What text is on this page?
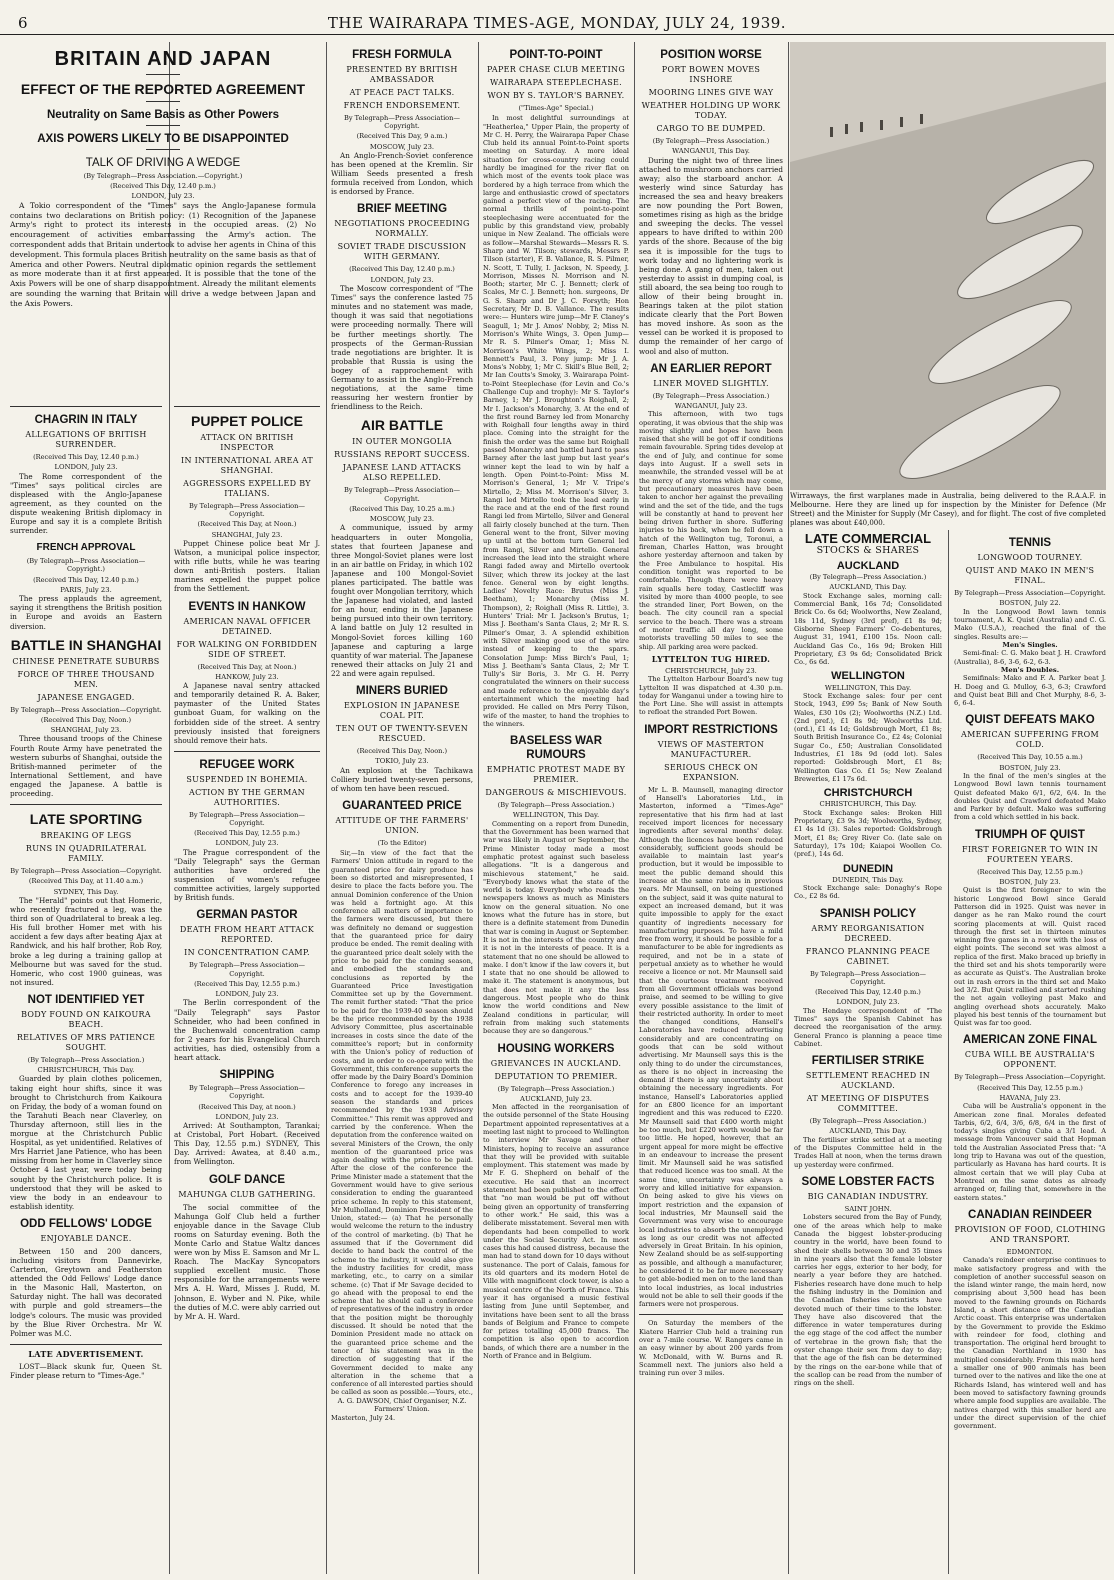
6	THE WAIRARAPA TIMES-AGE, MONDAY, JULY 24, 1939.
BRITAIN AND JAPAN
EFFECT OF THE REPORTED AGREEMENT
Neutrality on Same Basis as Other Powers
AXIS POWERS LIKELY TO BE DISAPPOINTED
TALK OF DRIVING A WEDGE
(By Telegraph—Press Association.—Copyright.)
(Received This Day, 12.40 p.m.)
LONDON, July 23.

A Tokio correspondent of the "Times" says the Anglo-Japanese formula contains two declarations on British policy: (1) Recognition of the Japanese Army's right to protect its interests in the occupied areas. (2) No encouragement of activities embarrassing the Army's action. The correspondent adds that Britain undertook to advise her agents in China of this development. This formula places British neutrality on the same basis as that of America and other Powers. Neutral diplomatic opinion regards the settlement as more moderate than it at first appeared. It is possible that the tone of the Axis Powers will be one of sharp disappointment. Already the militant elements are sounding the warning that Britain will drive a wedge between Japan and the Axis Powers.

CHAGRIN IN ITALY
ALLEGATIONS OF BRITISH SURRENDER.
(Received This Day, 12.40 p.m.)
LONDON, July 23.

The Rome correspondent of the "Times" says political circles are displeased with the Anglo-Japanese agreement, as they counted on the dispute weakening British diplomacy in Europe and say it is a complete British surrender.

FRENCH APPROVAL
(By Telegraph—Press Association—Copyright.)
(Received This Day, 12.40 p.m.)
PARIS, July 23.

The press applauds the agreement, saying it strengthens the British position in Europe and avoids an Eastern diversion.

BATTLE IN SHANGHAI
CHINESE PENETRATE SUBURBS
FORCE OF THREE THOUSAND MEN.
JAPANESE ENGAGED.
By Telegraph—Press Association—Copyright.
(Received This Day, Noon.)
SHANGHAI, July 23.

Three thousand troops of the Chinese Fourth Route Army have penetrated the western suburbs of Shanghai, outside the British-manned perimeter of the International Settlement, and have engaged the Japanese. A battle is proceeding.

LATE SPORTING
BREAKING OF LEGS
RUNS IN QUADRILATERAL FAMILY.
By Telegraph—Press Association—Copyright.
(Received This Day, at 11.40 a.m.)
SYDNEY, This Day.

The "Herald" points out that Homeric, who recently fractured a leg, was the third son of Quadrilateral to break a leg. His full brother Homer met with his accident a few days after beating Ajax at Randwick, and his half brother, Rob Roy, broke a leg during a training gallop at Melbourne but was saved for the stud. Homeric, who cost 1900 guineas, was not insured.

NOT IDENTIFIED YET
BODY FOUND ON KAIKOURA BEACH.
RELATIVES OF MRS PATIENCE SOUGHT.
(By Telegraph—Press Association.)
CHRISTCHURCH, This Day.

Guarded by plain clothes policemen, taking eight hour shifts, since it was brought to Christchurch from Kaikoura on Friday, the body of a woman found on the Tarahuti Beach near Claverley, on Thursday afternoon, still lies in the morgue at the Christchurch Public Hospital, as yet unidentified. Relatives of Mrs Harriet Jane Patience, who has been missing from her home in Claverley since October 4 last year, were today being sought by the Christchurch police. It is understood that they will be asked to view the body in an endeavour to establish identity.

ODD FELLOWS' LODGE
ENJOYABLE DANCE.

Between 150 and 200 dancers, including visitors from Dannevirke, Carterton, Greytown and Featherston attended the Odd Fellows' Lodge dance in the Masonic Hall, Masterton, on Saturday night. The hall was decorated with purple and gold streamers—the lodge's colours. The music was provided by the Blue River Orchestra. Mr W. Polmer was M.C.

LATE ADVERTISEMENT.

LOST—Black skunk fur, Queen St. Finder please return to "Times-Age."

PUPPET POLICE
ATTACK ON BRITISH INSPECTOR
IN INTERNATIONAL AREA AT SHANGHAI.
AGGRESSORS EXPELLED BY ITALIANS.
By Telegraph—Press Association—Copyright.
(Received This Day, at Noon.)
SHANGHAI, July 23.

Puppet Chinese police beat Mr J. Watson, a municipal police inspector, with rifle butts, while he was tearing down anti-British posters. Italian marines expelled the puppet police from the Settlement.

EVENTS IN HANKOW
AMERICAN NAVAL OFFICER DETAINED.
FOR WALKING ON FORBIDDEN SIDE OF STREET.
(Received This Day, at Noon.)
HANKOW, July 23.

A Japanese naval sentry attacked and temporarily detained R. A. Baker, paymaster of the United States gunboat Guam, for walking on the forbidden side of the street. A sentry previously insisted that foreigners should remove their hats.

REFUGEE WORK
SUSPENDED IN BOHEMIA.
ACTION BY THE GERMAN AUTHORITIES.
By Telegraph—Press Association—Copyright.
(Received This Day, 12.55 p.m.)
LONDON, July 23.

The Prague correspondent of the "Daily Telegraph" says the German authorities have ordered the suspension of women's refugee committee activities, largely supported by British funds.

GERMAN PASTOR
DEATH FROM HEART ATTACK REPORTED.
IN CONCENTRATION CAMP.
By Telegraph—Press Association—Copyright.
(Received This Day, 12.55 p.m.)
LONDON, July 23.

The Berlin correspondent of the "Daily Telegraph" says Pastor Schneider, who had been confined in the Buchenwald concentration camp for 2 years for his Evangelical Church activities, has died, ostensibly from a heart attack.

SHIPPING
By Telegraph—Press Association—Copyright.
(Received This Day, at noon.)
LONDON, July 23.

Arrived: At Southampton, Tarankai; at Cristobal, Port Hobart. (Received This Day, 12.55 p.m.) SYDNEY, This Day. Arrived: Awatea, at 8.40 a.m., from Wellington.

GOLF DANCE
MAHUNGA CLUB GATHERING.

The social committee of the Mahunga Golf Club held a further enjoyable dance in the Savage Club rooms on Saturday evening. Both the Monte Carlo and Statue Waltz dances were won by Miss E. Samson and Mr L. Roach. The MacKay Syncopators supplied excellent music. Those responsible for the arrangements were Mrs A. H. Ward, Misses J. Rudd, M. Johnson, E. Wyber and N. Pike, while the duties of M.C. were ably carried out by Mr A. H. Ward.

FRESH FORMULA
PRESENTED BY BRITISH AMBASSADOR
AT PEACE PACT TALKS.
FRENCH ENDORSEMENT.
By Telegraph—Press Association—Copyright.
(Received This Day, 9 a.m.)
MOSCOW, July 23.

An Anglo-French-Soviet conference has been opened at the Kremlin. Sir William Seeds presented a fresh formula received from London, which is endorsed by France.

BRIEF MEETING
NEGOTIATIONS PROCEEDING NORMALLY.
SOVIET TRADE DISCUSSION WITH GERMANY.
(Received This Day, 12.40 p.m.)
LONDON, July 23.

The Moscow correspondent of "The Times" says the conference lasted 75 minutes and no statement was made, though it was said that negotiations were proceeding normally. There will be further meetings shortly. The prospects of the German-Russian trade negotiations are brighter. It is probable that Russia is using the bogey of a rapprochement with Germany to assist in the Anglo-French negotiations, at the same time reassuring her western frontier by friendliness to the Reich.

AIR BATTLE
IN OUTER MONGOLIA
RUSSIANS REPORT SUCCESS.
JAPANESE LAND ATTACKS ALSO REPELLED.
By Telegraph—Press Association—Copyright.
(Received This Day, 10.25 a.m.)
MOSCOW, July 23.

A communique, issued by army headquarters in outer Mongolia, states that fourteen Japanese and three Mongol-Soviet planes were lost in an air battle on Friday, in which 102 Japanese and 100 Mongol-Soviet planes participated. The battle was fought over Mongolian territory, which the Japanese had violated, and lasted for an hour, ending in the Japanese being pursued into their own territory. A land battle on July 12 resulted in Mongol-Soviet forces killing 160 Japanese and capturing a large quantity of war material. The Japanese renewed their attacks on July 21 and 22 and were again repulsed.

MINERS BURIED
EXPLOSION IN JAPANESE COAL PIT.
TEN OUT OF TWENTY-SEVEN RESCUED.
(Received This Day, Noon.)
TOKIO, July 23.

An explosion at the Tachikawa Colliery buried twenty-seven persons, of whom ten have been rescued.

GUARANTEED PRICE
ATTITUDE OF THE FARMERS' UNION.
(To the Editor)

Sir,—In view of the fact that the Farmers' Union attitude in regard to the guaranteed price for dairy produce has been so distorted and misrepresented, I desire to place the facts before you. The annual Dominion conference of the Union was held a fortnight ago. At this conference all matters of importance to the farmers were discussed, but there was definitely no demand or suggestion that the guaranteed price for dairy produce be ended. The remit dealing with the guaranteed price dealt solely with the price to be paid for the coming season, and embodied the standards and conclusions as reported by the Guaranteed Price Investigation Committee set up by the Government. The remit further stated: "That the price to be paid for the 1939-40 season should be the price recommended by the 1938 Advisory Committee, plus ascertainable increases in costs since the date of the committee's report; but in conformity with the Union's policy of reduction of costs, and in order to co-operate with the Government, this conference supports the offer made by the Dairy Board's Dominion Conference to forego any increases in costs and to accept for the 1939-40 season the standards and prices recommended by the 1938 Advisory Committee." This remit was approved and carried by the conference. When the deputation from the conference waited on several Ministers of the Crown, the only mention of the guaranteed price was again dealing with the price to be paid. After the close of the conference the Prime Minister made a statement that the Government would have to give serious consideration to ending the guaranteed price scheme. In reply to this statement, Mr Mulholland, Dominion President of the Union, stated:— (a) That he personally would welcome the return to the industry of the control of marketing. (b) That he assumed that if the Government did decide to hand back the control of the scheme to the industry, it would also give the industry facilities for credit, mass marketing, etc., to carry on a similar scheme. (c) That if Mr Savage decided to go ahead with the proposal to end the scheme that he should call a conference of representatives of the industry in order that the position might be thoroughly discussed. It should be noted that the Dominion President made no attack on the guaranteed price scheme and the tenor of his statement was in the direction of suggesting that if the Government decided to make any alteration in the scheme that a conference of all interested parties should be called as soon as possible.—Yours, etc.,

A. G. DAWSON, Chief Organiser, N.Z. Farmers' Union.
Masterton, July 24.
POINT-TO-POINT
PAPER CHASE CLUB MEETING
WAIRARAPA STEEPLECHASE.
WON BY S. TAYLOR'S BARNEY.
("Times-Age" Special.)

In most delightful surroundings at "Heatherlea," Upper Plain, the property of Mr C. H. Perry, the Wairarapa Paper Chase Club held its annual Point-to-Point sports meeting on Saturday. A more ideal situation for cross-country racing could hardly be imagined for the river flat on which most of the events took place was bordered by a high terrace from which the large and enthusiastic crowd of spectators gained a perfect view of the racing. The normal thrills of point-to-point steeplechasing were accentuated for the public by this grandstand view, probably unique in New Zealand. The officials were as follow—Marshal Stewards—Messrs R. S. Sharp and W. Tilson; stewards, Messrs P. Tilson (starter), F. B. Vallance, R. S. Pilmer, N. Scott, T. Tully, I. Jackson, N. Speedy, J. Morrison, Misses N. Morrison and N. Booth; starter, Mr C. J. Bennett; clerk of Scales, Mr C. J. Bennett; hon. surgeons, Dr G. S. Sharp and Dr J. C. Forsyth; Hon Secretary, Mr D. B. Vallance. The results were:— Hunters wire jump—Mr F. Claney's Seagull, 1; Mr J. Amos' Nobby, 2; Miss N. Morrison's White Wings, 3. Open Jump—Mr R. S. Pilmer's Omar, 1; Miss N. Morrison's White Wings, 2; Miss I. Bennett's Paul, 3. Pony jump: Mr J. A. Mons's Nobby, 1; Mr C. Skill's Blue Bell, 2; Mr Ian Coutts's Smoky, 3. Wairarapa Point-to-Point Steeplechase (for Levin and Co.'s Challenge Cup and trophy): Mr S. Taylor's Barney, 1; Mr J. Broughton's Roighall, 2; Mr I. Jackson's Monarchy, 3. At the end of the first round Barney led from Monarchy with Roighall four lengths away in third place. Coming into the straight for the finish the order was the same but Roighall passed Monarchy and battled hard to pass Barney after the last jump but last year's winner kept the lead to win by half a length. Open Point-to-Point: Miss M. Morrison's General, 1; Mr V. Tripe's Mirtello, 2; Miss M. Morrison's Silver, 3. Rangi led Mirtello took the lead early in the race and at the end of the first round Rangi led from Mirtello, Silver and General all fairly closely bunched at the turn. Then General went to the front, Silver moving up until at the bottom turn General led from Rangi, Silver and Mirtello. General increased the lead into the straight where Rangi faded away and Mirtello overtook Silver, which threw its jockey at the last fence. General won by eight lengths. Ladies' Novelty Race: Brutus (Miss J. Beetham), 1; Monarchy (Miss M. Thompson), 2; Roighall (Miss R. Little), 3. Hunters' Trial: Mr I. Jackson's Brutus, 1; Miss J. Beetham's Santa Claus, 2; Mr R. S. Pilmer's Omar, 3. A splendid exhibition with Silver making good use of the wire instead of keeping to the spars. Consolation Jump: Miss Birch's Paul, 1; Miss J. Beetham's Santa Claus, 2; Mr T. Tully's Sir Boris, 3. Mr G. H. Perry congratulated the winners on their success and made reference to the enjoyable day's entertainment which the meeting had provided. He called on Mrs Perry Tilson, wife of the master, to hand the trophies to the winners.

BASELESS WAR RUMOURS
EMPHATIC PROTEST MADE BY PREMIER.
DANGEROUS & MISCHIEVOUS.
(By Telegraph—Press Association.)
WELLINGTON, This Day.

Commenting on a report from Dunedin, that the Government has been warned that war was likely in August or September, the Prime Minister today made a most emphatic protest against such baseless allegations. "It is a dangerous and mischievous statement," he said. "Everybody knows what the state of the world is today. Everybody who reads the newspapers knows as much as Ministers know on the general situation. No one knows what the future has in store, but there is a definite statement from Dunedin that war is coming in August or September. It is not in the interests of the country and it is not in the interests of peace. It is a statement that no one should be allowed to make. I don't know if the law covers it, but I state that no one should be allowed to make it. The statement is anonymous, but that does not make it any the less dangerous. Most people who do think know the world conditions and New Zealand conditions in particular, will refrain from making such statements because they are so dangerous."

HOUSING WORKERS
GRIEVANCES IN AUCKLAND.
DEPUTATION TO PREMIER.
(By Telegraph—Press Association.)
AUCKLAND, July 23.

Men affected in the reorganisation of the outside personnel of the State Housing Department appointed representatives at a meeting last night to proceed to Wellington to interview Mr Savage and other Ministers, hoping to receive an assurance that they will be provided with suitable employment. This statement was made by Mr F. G. Shepherd on behalf of the executive. He said that an incorrect statement had been published to the effect that "no man would be put off without being given an opportunity of transferring to other work." He said, this was a deliberate misstatement. Several men with dependants had been compelled to work under the Social Security Act. In most cases this had caused distress, because the man had to stand down for 10 days without sustenance. The port of Calais, famous for its old quarters and its modern Hotel de Ville with magnificent clock tower, is also a musical centre of the North of France. This year it has organised a music festival lasting from June until September, and invitations have been sent to all the brass bands of Belgium and France to compete for prizes totalling 45,000 francs. The competition is also open to accordion bands, of which there are a number in the North of France and in Belgium.

POSITION WORSE
PORT BOWEN MOVES INSHORE
MOORING LINES GIVE WAY
WEATHER HOLDING UP WORK TODAY.
CARGO TO BE DUMPED.
(By Telegraph—Press Association.)
WANGANUI, This Day.

During the night two of three lines attached to mushroom anchors carried away; also the starboard anchor. A westerly wind since Saturday has increased the sea and heavy breakers are now pounding the Port Bowen, sometimes rising as high as the bridge and sweeping the decks. The vessel appears to have drifted to within 200 yards of the shore. Because of the big sea it is impossible for the tugs to work today and no lightering work is being done. A gang of men, taken out yesterday to assist in dumping coal, is still aboard, the sea being too rough to allow of their being brought in. Bearings taken at the pilot station indicate clearly that the Port Bowen has moved inshore. As soon as the vessel can be worked it is proposed to dump the remainder of her cargo of wool and also of mutton.

AN EARLIER REPORT
LINER MOVED SLIGHTLY.
(By Telegraph—Press Association.)
WANGANUI, July 23.

This afternoon, with two tugs operating, it was obvious that the ship was moving slightly and hopes have been raised that she will be got off if conditions remain favourable. Spring tides develop at the end of July, and continue for some days into August. If a swell sets in meanwhile, the stranded vessel will be at the mercy of any storms which may come, but precautionary measures have been taken to anchor her against the prevailing wind and the set of the tide, and the tugs will be constantly at hand to prevent her being driven further in shore. Suffering injuries to his back, when he fell down a hatch of the Wellington tug, Toronui, a fireman, Charles Hatton, was brought ashore yesterday afternoon and taken by the Free Ambulance to hospital. His condition tonight was reported to be comfortable. Though there were heavy rain squalls here today, Castlecliff was visited by more than 4000 people, to see the stranded liner, Port Bowen, on the beach. The city council ran a special service to the beach. There was a stream of motor traffic all day long, some motorists travelling 50 miles to see the ship. All parking area were packed.

LYTTELTON TUG HIRED.
CHRISTCHURCH, July 23.

The Lyttelton Harbour Board's new tug Lyttelton II was dispatched at 4.30 p.m. today for Wanganui under a towing hire to the Port Line. She will assist in attempts to refloat the stranded Port Bowen.

IMPORT RESTRICTIONS
VIEWS OF MASTERTON MANUFACTURER.
SERIOUS CHECK ON EXPANSION.

Mr L. B. Maunsell, managing director of Hansell's Laboratories Ltd., in Masterton, informed a "Times-Age" representative that his firm had at last received import licences for necessary ingredients after several months' delay. Although the licences have been reduced considerably, sufficient goods should be available to maintain last year's production, but it would be impossible to meet the public demand should this increase at the same rate as in previous years. Mr Maunsell, on being questioned on the subject, said it was quite natural to expect an increased demand, but it was quite impossible to apply for the exact quantity of ingredients necessary for manufacturing purposes. To have a mild free from worry, it should be possible for a manufacturer to be able for ingredients as required, and not be in a state of perpetual anxiety as to whether he would receive a licence or not. Mr Maunsell said that the courteous treatment received from all Government officials was beyond praise, and seemed to be willing to give every possible assistance to the limit of their restricted authority. In order to meet the changed conditions, Hansell's Laboratories have reduced advertising considerably and are concentrating on goods that can be sold without advertising. Mr Maunsell says this is the only thing to do under the circumstances, as there is no object in increasing the demand if there is any uncertainty about obtaining the necessary ingredients. For instance, Hansell's Laboratories applied for an £800 licence for an important ingredient and this was reduced to £220. Mr Maunsell said that £400 worth might be too much, but £220 worth would be far too little. He hoped, however, that an urgent appeal for more might be effective in an endeavour to increase the present limit. Mr Maunsell said he was satisfied that reduced licence was too small. At the same time, uncertainty was always a worry and killed initiative for expansion. On being asked to give his views on import restriction and the expansion of local industries, Mr Maunsell said the Government was very wise to encourage local industries to absorb the unemployed as long as our credit was not affected adversely in Great Britain. In his opinion, New Zealand should be as self-supporting as possible, and although a manufacturer, he considered it to be far more necessary to get able-bodied men on to the land than into local industries, as local industries would not be able to sell their goods if the farmers were not prosperous.

On Saturday the members of the Kiatere Harrier Club held a training run over a 7-mile course. W. Rangers came in an easy winner by about 200 yards from W. McDonald, with W. Burns and R. Scammell next. The juniors also held a training run over 3 miles.

Wirraways, the first warplanes made in Australia, being delivered to the R.A.A.F. in Melbourne. Here they are lined up for inspection by the Minister for Defence (Mr Street) and the Minister for Supply (Mr Casey), and for flight. The cost of five completed planes was about £40,000.
LATE COMMERCIAL
STOCKS & SHARES
AUCKLAND
(By Telegraph—Press Association.)
AUCKLAND, This Day.

Stock Exchange sales, morning call: Commercial Bank, 16s 7d; Consolidated Brick Co. 6s 6d; Woolworths, New Zealand, 18s 11d, Sydney (3rd pref), £1 8s 9d; Gisborne Sheep Farmers' Co-debentures, August 31, 1941, £100 15s. Noon call: Auckland Gas Co., 16s 9d; Broken Hill Proprietary, £3 9s 6d; Consolidated Brick Co., 6s 6d.

WELLINGTON
WELLINGTON, This Day.

Stock Exchange sales: four per cent Stock, 1943, £99 5s; Bank of New South Wales, £30 10s (2); Woolworths (N.Z.) Ltd. (2nd pref.), £1 8s 9d; Woolworths Ltd. (ord.), £1 4s 1d; Goldsbrough Mort, £1 8s; South British Insurance Co., £2 4s; Colonial Sugar Co., £50; Australian Consolidated Industries, £1 18s 9d (odd lot). Sales reported: Goldsbrough Mort, £1 8s; Wellington Gas Co. £1 5s; New Zealand Breweries, £1 17s 6d.

CHRISTCHURCH
CHRISTCHURCH, This Day.

Stock Exchange sales: Broken Hill Proprietary, £3 9s 3d; Woolworths, Sydney, £1 4s 1d (3). Sales reported: Goldsbrough Mort, £1 8s; Grey River Co. (late sale on Saturday), 17s 10d; Kaiapoi Woollen Co. (pref.), 14s 6d.

DUNEDIN
DUNEDIN, This Day.

Stock Exchange sale: Donaghy's Rope Co., £2 8s 6d.

SPANISH POLICY
ARMY REORGANISATION DECREED.
FRANCO PLANNING PEACE CABINET.
By Telegraph—Press Association—Copyright.
(Received This Day, 12.40 p.m.)
LONDON, July 23.

The Hendaye correspondent of "The Times" says the Spanish Cabinet has decreed the reorganisation of the army. General Franco is planning a peace time Cabinet.

FERTILISER STRIKE
SETTLEMENT REACHED IN AUCKLAND.
AT MEETING OF DISPUTES COMMITTEE.
(By Telegraph—Press Association.)
AUCKLAND, This Day.

The fertiliser strike settled at a meeting of the Disputes Committee held in the Trades Hall at noon, when the terms drawn up yesterday were confirmed.

SOME LOBSTER FACTS
BIG CANADIAN INDUSTRY.
SAINT JOHN.

Lobsters secured from the Bay of Fundy, one of the areas which help to make Canada the biggest lobster-producing country in the world, have been found to shed their shells between 30 and 35 times in nine years also that the female lobster carries her eggs, exterior to her body, for nearly a year before they are hatched. Fisheries research have done much to help the fishing industry in the Dominion and the Canadian fisheries scientists have devoted much of their time to the lobster. They have also discovered that the difference in water temperatures during the egg stage of the cod affect the number of vertebrae in the grown fish; that the oyster change their sex from day to day; that the age of the fish can be determined by the rings on the ear-bone while that of the scallop can be read from the number of rings on the shell.

TENNIS
LONGWOOD TOURNEY.
QUIST AND MAKO IN MEN'S FINAL.
By Telegraph—Press Association—Copyright.
BOSTON, July 22.

In the Longwood Bowl lawn tennis tournament, A. K. Quist (Australia) and C. G. Mako (U.S.A.), reached the final of the singles. Results are:—

Men's Singles.

Semi-final: C. G. Mako beat J. H. Crawford (Australia), 8-6, 3-6, 6-2, 6-3.

Men's Doubles.

Semifinals: Mako and F. A. Parker beat J. H. Doeg and G. Mulloy, 6-3, 6-3; Crawford and Quist beat Bill and Chet Murphy, 8-6, 3-6, 6-4.

QUIST DEFEATS MAKO
AMERICAN SUFFERING FROM COLD.
(Received This Day, 10.55 a.m.)
BOSTON, July 23.

In the final of the men's singles at the Longwood Bowl lawn tennis tournament Quist defeated Mako 6/1, 6/2, 6/4. In the doubles Quist and Crawford defeated Mako and Parker by default. Mako was suffering from a cold which settled in his back.

TRIUMPH OF QUIST
FIRST FOREIGNER TO WIN IN FOURTEEN YEARS.
(Received This Day, 12.55 p.m.)
BOSTON, July 23.

Quist is the first foreigner to win the historic Longwood Bowl since Gerald Patterson did in 1925. Quist was never in danger as he ran Mako round the court scoring placements at will. Quist raced through the first set in thirteen minutes winning five games in a row with the loss of eight points. The second set was almost a replica of the first. Mako braced up briefly in the third set and his shots temporarily were as accurate as Quist's. The Australian broke out in rash errors in the third set and Mako led 3/2. But Quist rallied and started rushing the net again volleying past Mako and angling overhead shots accurately. Mako played his best tennis of the tournament but Quist was far too good.

AMERICAN ZONE FINAL
CUBA WILL BE AUSTRALIA'S OPPONENT.
By Telegraph—Press Association—Copyright.
(Received This Day, 12.55 p.m.)
HAVANA, July 23.

Cuba will be Australia's opponent in the American zone final. Morales defeated Tarbis, 6/2, 6/4, 3/6, 6/8, 6/4 in the first of today's singles giving Cuba a 3/1 lead. A message from Vancouver said that Hopman told the Australian Associated Press that: "A long trip to Havana was out of the question, particularly as Havana has hard courts. It is almost certain that we will play Cuba at Montreal on the same dates as already arranged or, failing that, somewhere in the eastern states."

CANADIAN REINDEER
PROVISION OF FOOD, CLOTHING AND TRANSPORT.
EDMONTON.

Canada's reindeer enterprise continues to make satisfactory progress and with the completion of another successful season on the island winter range, the main herd, now comprising about 3,500 head has been moved to the fawning grounds on Richards Island, a short distance off the Canadian Arctic coast. This enterprise was undertaken by the Government to provide the Eskimo with reindeer for food, clothing and transportation. The original herd brought to the Canadian Northland in 1930 has multiplied considerably. From this main herd a smaller one of 900 animals has been turned over to the natives and like the one at Richards Island, has wintered well and has been moved to satisfactory fawning grounds where ample food supplies are available. The natives charged with this smaller herd are under the direct supervision of the chief government.
